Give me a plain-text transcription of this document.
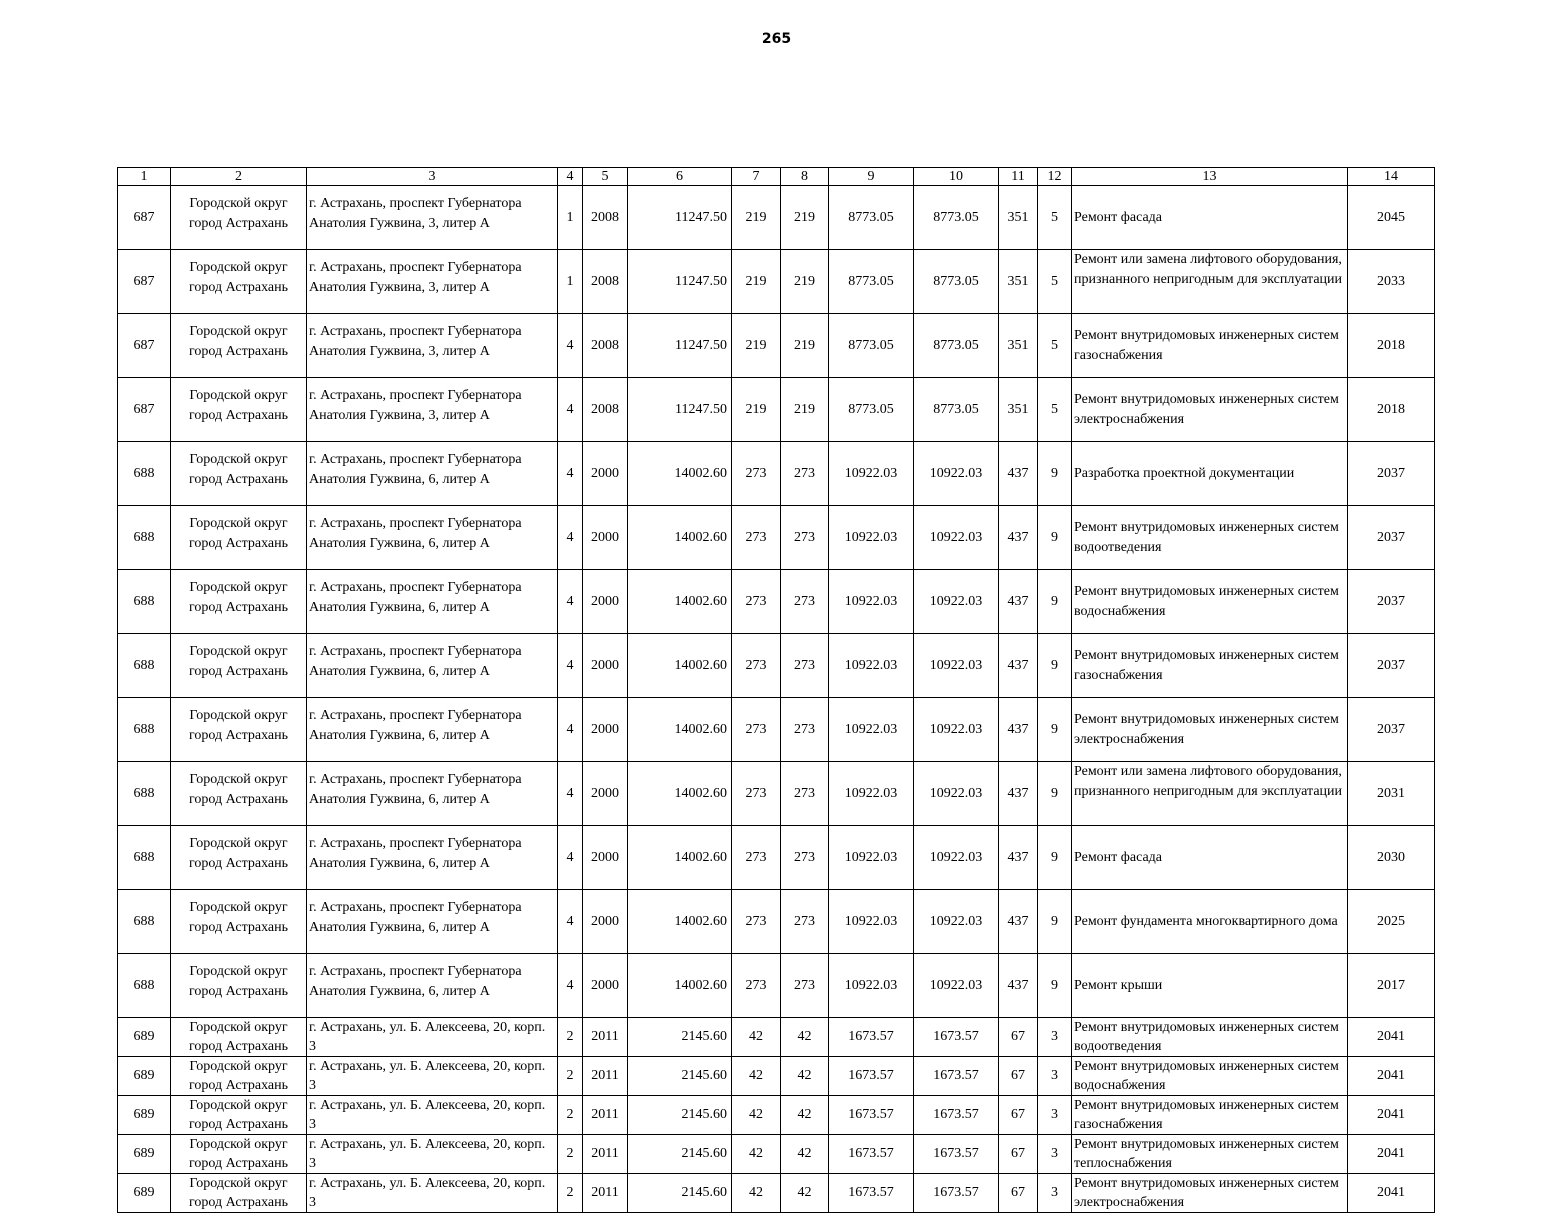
265
1	2	3	4	5	6	7	8	9	10	11	12	13	14
687	Городской округ город Астрахань	г. Астрахань, проспект Губернатора Анатолия Гужвина, 3, литер А	1	2008	11247.50	219	219	8773.05	8773.05	351	5	Ремонт фасада	2045
687	Городской округ город Астрахань	г. Астрахань, проспект Губернатора Анатолия Гужвина, 3, литер А	1	2008	11247.50	219	219	8773.05	8773.05	351	5	Ремонт или замена лифтового оборудования, признанного непригодным для эксплуатации	2033
687	Городской округ город Астрахань	г. Астрахань, проспект Губернатора Анатолия Гужвина, 3, литер А	4	2008	11247.50	219	219	8773.05	8773.05	351	5	Ремонт внутридомовых инженерных систем газоснабжения	2018
687	Городской округ город Астрахань	г. Астрахань, проспект Губернатора Анатолия Гужвина, 3, литер А	4	2008	11247.50	219	219	8773.05	8773.05	351	5	Ремонт внутридомовых инженерных систем электроснабжения	2018
688	Городской округ город Астрахань	г. Астрахань, проспект Губернатора Анатолия Гужвина, 6, литер А	4	2000	14002.60	273	273	10922.03	10922.03	437	9	Разработка проектной документации	2037
688	Городской округ город Астрахань	г. Астрахань, проспект Губернатора Анатолия Гужвина, 6, литер А	4	2000	14002.60	273	273	10922.03	10922.03	437	9	Ремонт внутридомовых инженерных систем водоотведения	2037
688	Городской округ город Астрахань	г. Астрахань, проспект Губернатора Анатолия Гужвина, 6, литер А	4	2000	14002.60	273	273	10922.03	10922.03	437	9	Ремонт внутридомовых инженерных систем водоснабжения	2037
688	Городской округ город Астрахань	г. Астрахань, проспект Губернатора Анатолия Гужвина, 6, литер А	4	2000	14002.60	273	273	10922.03	10922.03	437	9	Ремонт внутридомовых инженерных систем газоснабжения	2037
688	Городской округ город Астрахань	г. Астрахань, проспект Губернатора Анатолия Гужвина, 6, литер А	4	2000	14002.60	273	273	10922.03	10922.03	437	9	Ремонт внутридомовых инженерных систем электроснабжения	2037
688	Городской округ город Астрахань	г. Астрахань, проспект Губернатора Анатолия Гужвина, 6, литер А	4	2000	14002.60	273	273	10922.03	10922.03	437	9	Ремонт или замена лифтового оборудования, признанного непригодным для эксплуатации	2031
688	Городской округ город Астрахань	г. Астрахань, проспект Губернатора Анатолия Гужвина, 6, литер А	4	2000	14002.60	273	273	10922.03	10922.03	437	9	Ремонт фасада	2030
688	Городской округ город Астрахань	г. Астрахань, проспект Губернатора Анатолия Гужвина, 6, литер А	4	2000	14002.60	273	273	10922.03	10922.03	437	9	Ремонт фундамента многоквартирного дома	2025
688	Городской округ город Астрахань	г. Астрахань, проспект Губернатора Анатолия Гужвина, 6, литер А	4	2000	14002.60	273	273	10922.03	10922.03	437	9	Ремонт крыши	2017
689	Городской округ город Астрахань	г. Астрахань, ул. Б. Алексеева, 20, корп. 3	2	2011	2145.60	42	42	1673.57	1673.57	67	3	Ремонт внутридомовых инженерных систем водоотведения	2041
689	Городской округ город Астрахань	г. Астрахань, ул. Б. Алексеева, 20, корп. 3	2	2011	2145.60	42	42	1673.57	1673.57	67	3	Ремонт внутридомовых инженерных систем водоснабжения	2041
689	Городской округ город Астрахань	г. Астрахань, ул. Б. Алексеева, 20, корп. 3	2	2011	2145.60	42	42	1673.57	1673.57	67	3	Ремонт внутридомовых инженерных систем газоснабжения	2041
689	Городской округ город Астрахань	г. Астрахань, ул. Б. Алексеева, 20, корп. 3	2	2011	2145.60	42	42	1673.57	1673.57	67	3	Ремонт внутридомовых инженерных систем теплоснабжения	2041
689	Городской округ город Астрахань	г. Астрахань, ул. Б. Алексеева, 20, корп. 3	2	2011	2145.60	42	42	1673.57	1673.57	67	3	Ремонт внутридомовых инженерных систем электроснабжения	2041
